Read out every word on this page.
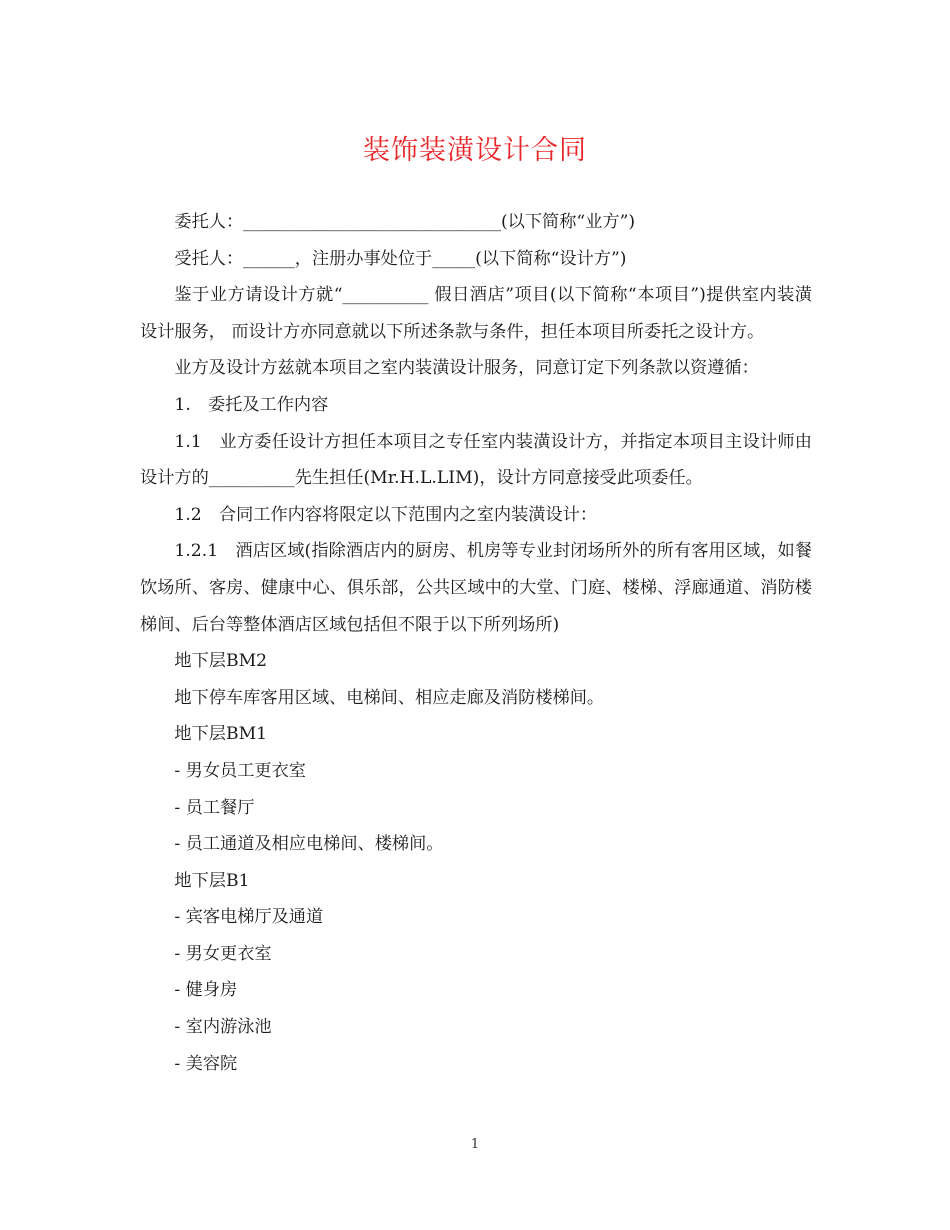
装饰装潢设计合同

委托人：______________________________(以下简称“业方”)

受托人：______，注册办事处位于_____(以下简称“设计方”)

鉴于业方请设计方就“__________ 假日酒店”项目(以下简称“本项目”)提供室内装潢设计服务， 而设计方亦同意就以下所述条款与条件，担任本项目所委托之设计方。

业方及设计方兹就本项目之室内装潢设计服务，同意订定下列条款以资遵循：

1.　委托及工作内容

1.1　业方委任设计方担任本项目之专任室内装潢设计方，并指定本项目主设计师由设计方的__________先生担任(Mr.H.L.LIM)，设计方同意接受此项委任。

1.2　合同工作内容将限定以下范围内之室内装潢设计：

1.2.1　酒店区域(指除酒店内的厨房、机房等专业封闭场所外的所有客用区域，如餐饮场所、客房、健康中心、俱乐部，公共区域中的大堂、门庭、楼梯、浮廊通道、消防楼梯间、后台等整体酒店区域包括但不限于以下所列场所)

地下层BM2

地下停车库客用区域、电梯间、相应走廊及消防楼梯间。

地下层BM1

- 男女员工更衣室

- 员工餐厅

- 员工通道及相应电梯间、楼梯间。

地下层B1

- 宾客电梯厅及通道

- 男女更衣室

- 健身房

- 室内游泳池

- 美容院

1
